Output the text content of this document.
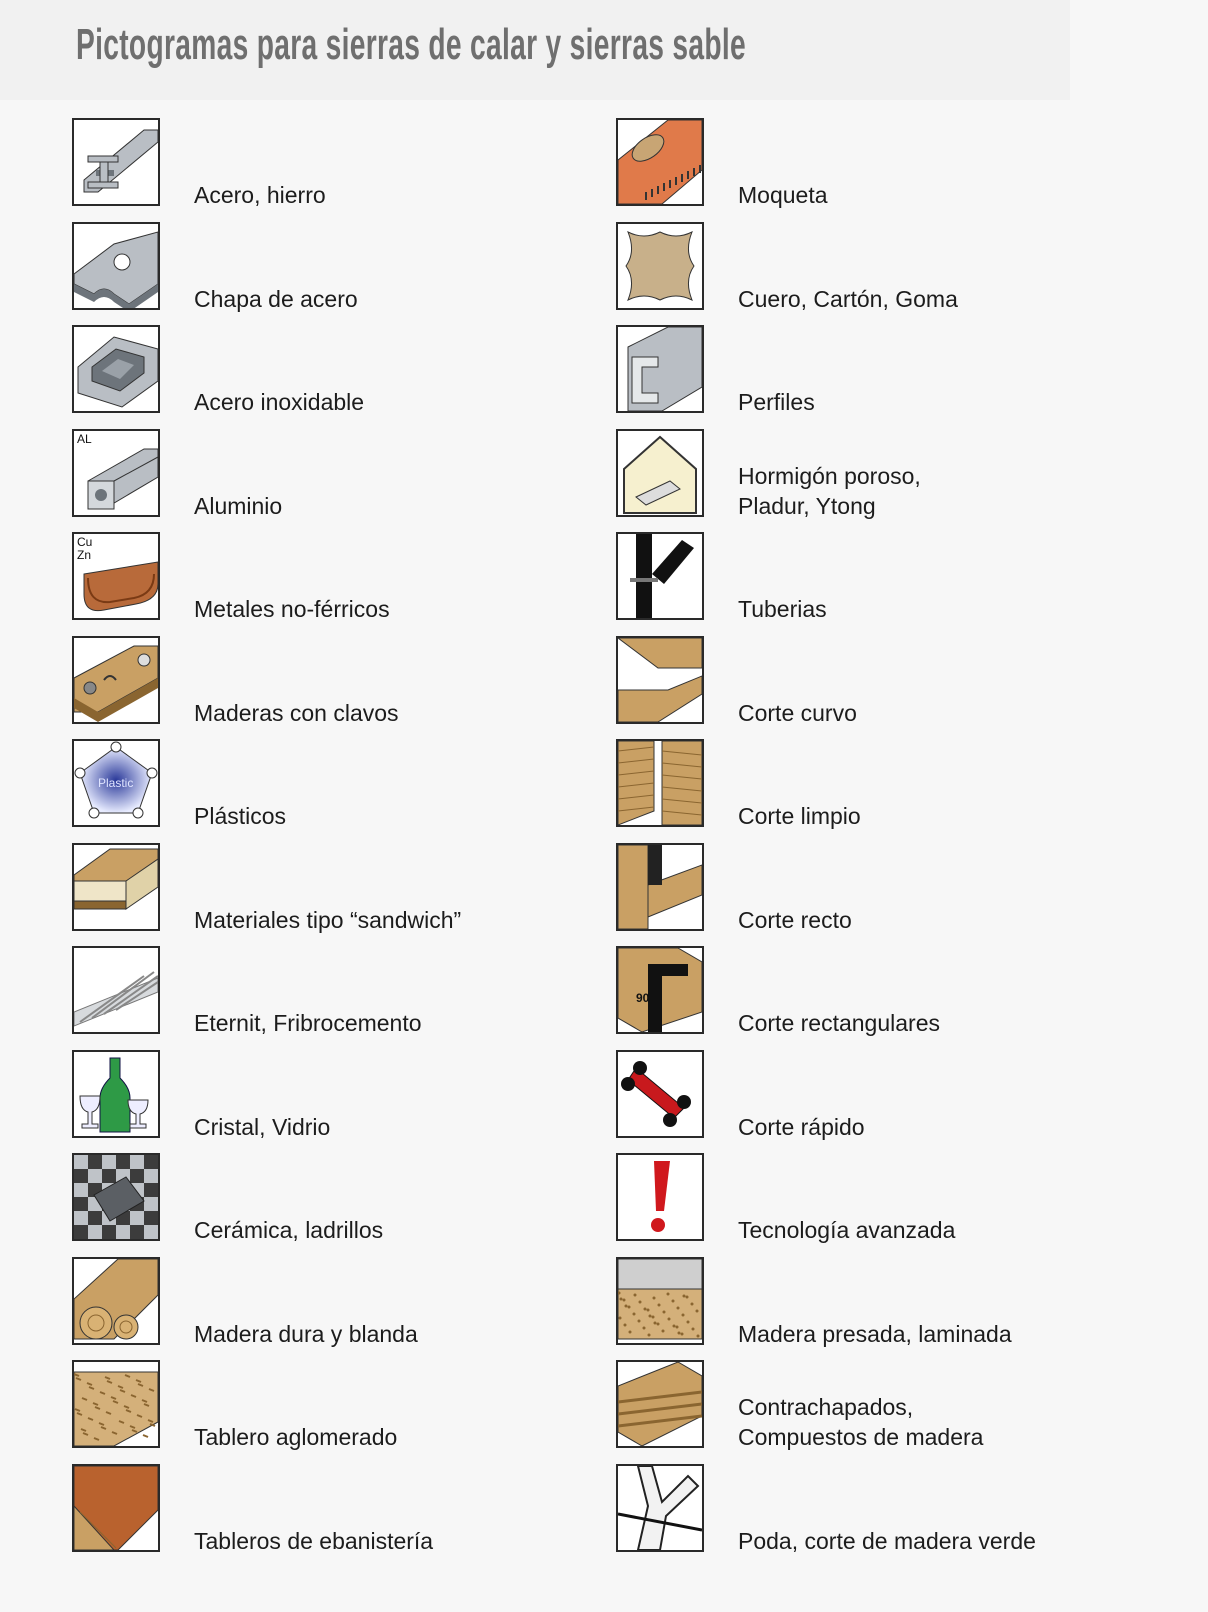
Pictogramas para sierras de calar y sierras sable
Acero, hierro
Chapa de acero
Acero inoxidable
AL
Aluminio
Cu Zn
Metales no-férricos
Maderas con clavos
Plastic
Plásticos
Materiales tipo “sandwich”
Eternit, Fribrocemento
Cristal, Vidrio
Cerámica, ladrillos
Madera dura y blanda
Tablero aglomerado
Tableros de ebanistería
Moqueta
Cuero, Cartón, Goma
Perfiles
Hormigón poroso,
Pladur, Ytong
Tuberias
Corte curvo
Corte limpio
Corte recto
90
Corte rectangulares
Corte rápido
Tecnología avanzada
Madera presada, laminada
Contrachapados,
Compuestos de madera
Poda, corte de madera verde
